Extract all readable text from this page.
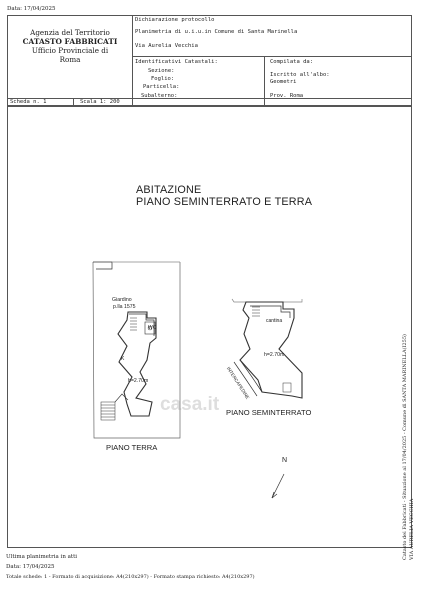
Data: 17/04/2025
Agenzia del Territorio
CATASTO FABBRICATI
Ufficio Provinciale di
Roma
Dichiarazione protocollo
Planimetria di u.i.u.in Comune di Santa Marinella
Via Aurelia Vecchia
Identificativi Catastali:
Sezione:
Foglio:
Particella:
Subalterno:
Compilata da:
Iscritto all'albo:
Geometri
Prov. Roma
Scheda n. 1	Scala 1: 200
ABITAZIONE
PIANO SEMINTERRATO E TERRA
Giardino
p.lla 1575
WC
K
h=2.70m
cantina
h=2.70m
INTERCAPEDINE
PIANO SEMINTERRATO
PIANO TERRA
N
casa.it
Ultima planimetria in atti
Data: 17/04/2025
Totale schede: 1 - Formato di acquisizione: A4(210x297) - Formato stampa richiesto: A4(210x297)
Catasto dei Fabbricati - Situazione al 17/04/2025 - Comune di SANTA MARINELLA(I255) VIA AURELIA VECCHIA
